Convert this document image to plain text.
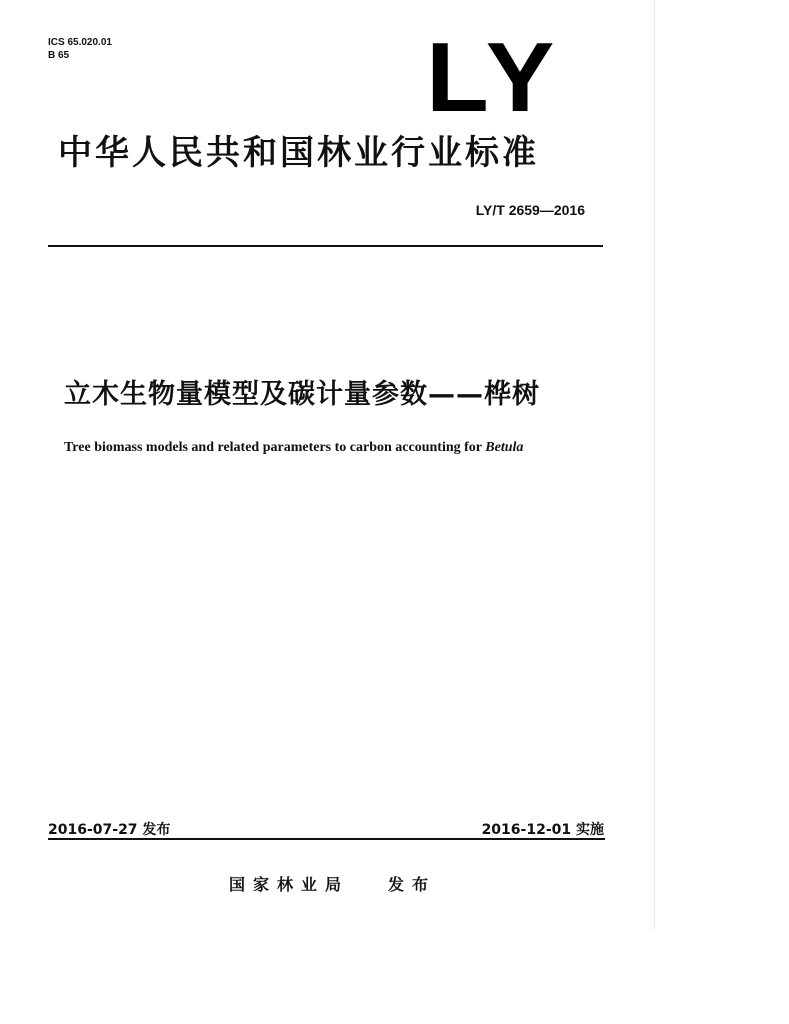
ICS 65.020.01
B 65	LY
中华人民共和国林业行业标准
LY/T 2659—2016
立木生物量模型及碳计量参数——桦树
Tree biomass models and related parameters to carbon accounting for Betula
2016-07-27 发布	2016-12-01 实施
国家林业局 发布
